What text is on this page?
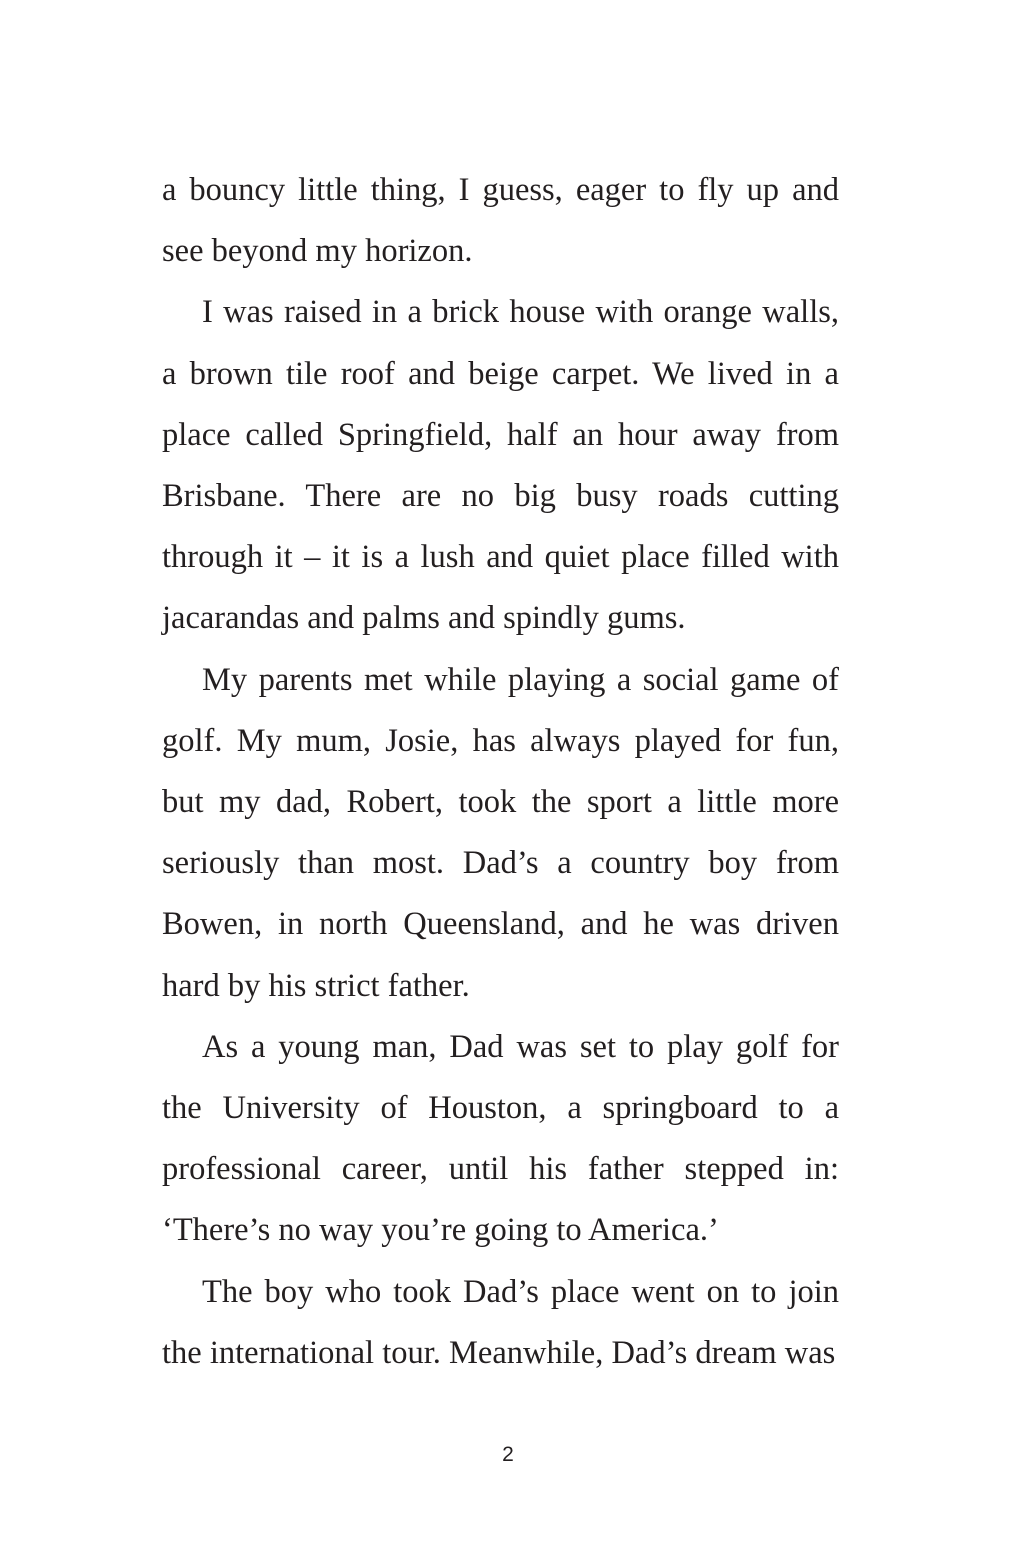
a bouncy little thing, I guess, eager to fly up and see beyond my horizon.

I was raised in a brick house with orange walls, a brown tile roof and beige carpet. We lived in a place called Springfield, half an hour away from Brisbane. There are no big busy roads cutting through it – it is a lush and quiet place filled with jacarandas and palms and spindly gums.

My parents met while playing a social game of golf. My mum, Josie, has always played for fun, but my dad, Robert, took the sport a little more seriously than most. Dad’s a country boy from Bowen, in north Queensland, and he was driven hard by his strict father.

As a young man, Dad was set to play golf for the University of Houston, a springboard to a professional career, until his father stepped in: ‘There’s no way you’re going to America.’

The boy who took Dad’s place went on to join the international tour. Meanwhile, Dad’s dream was

2
